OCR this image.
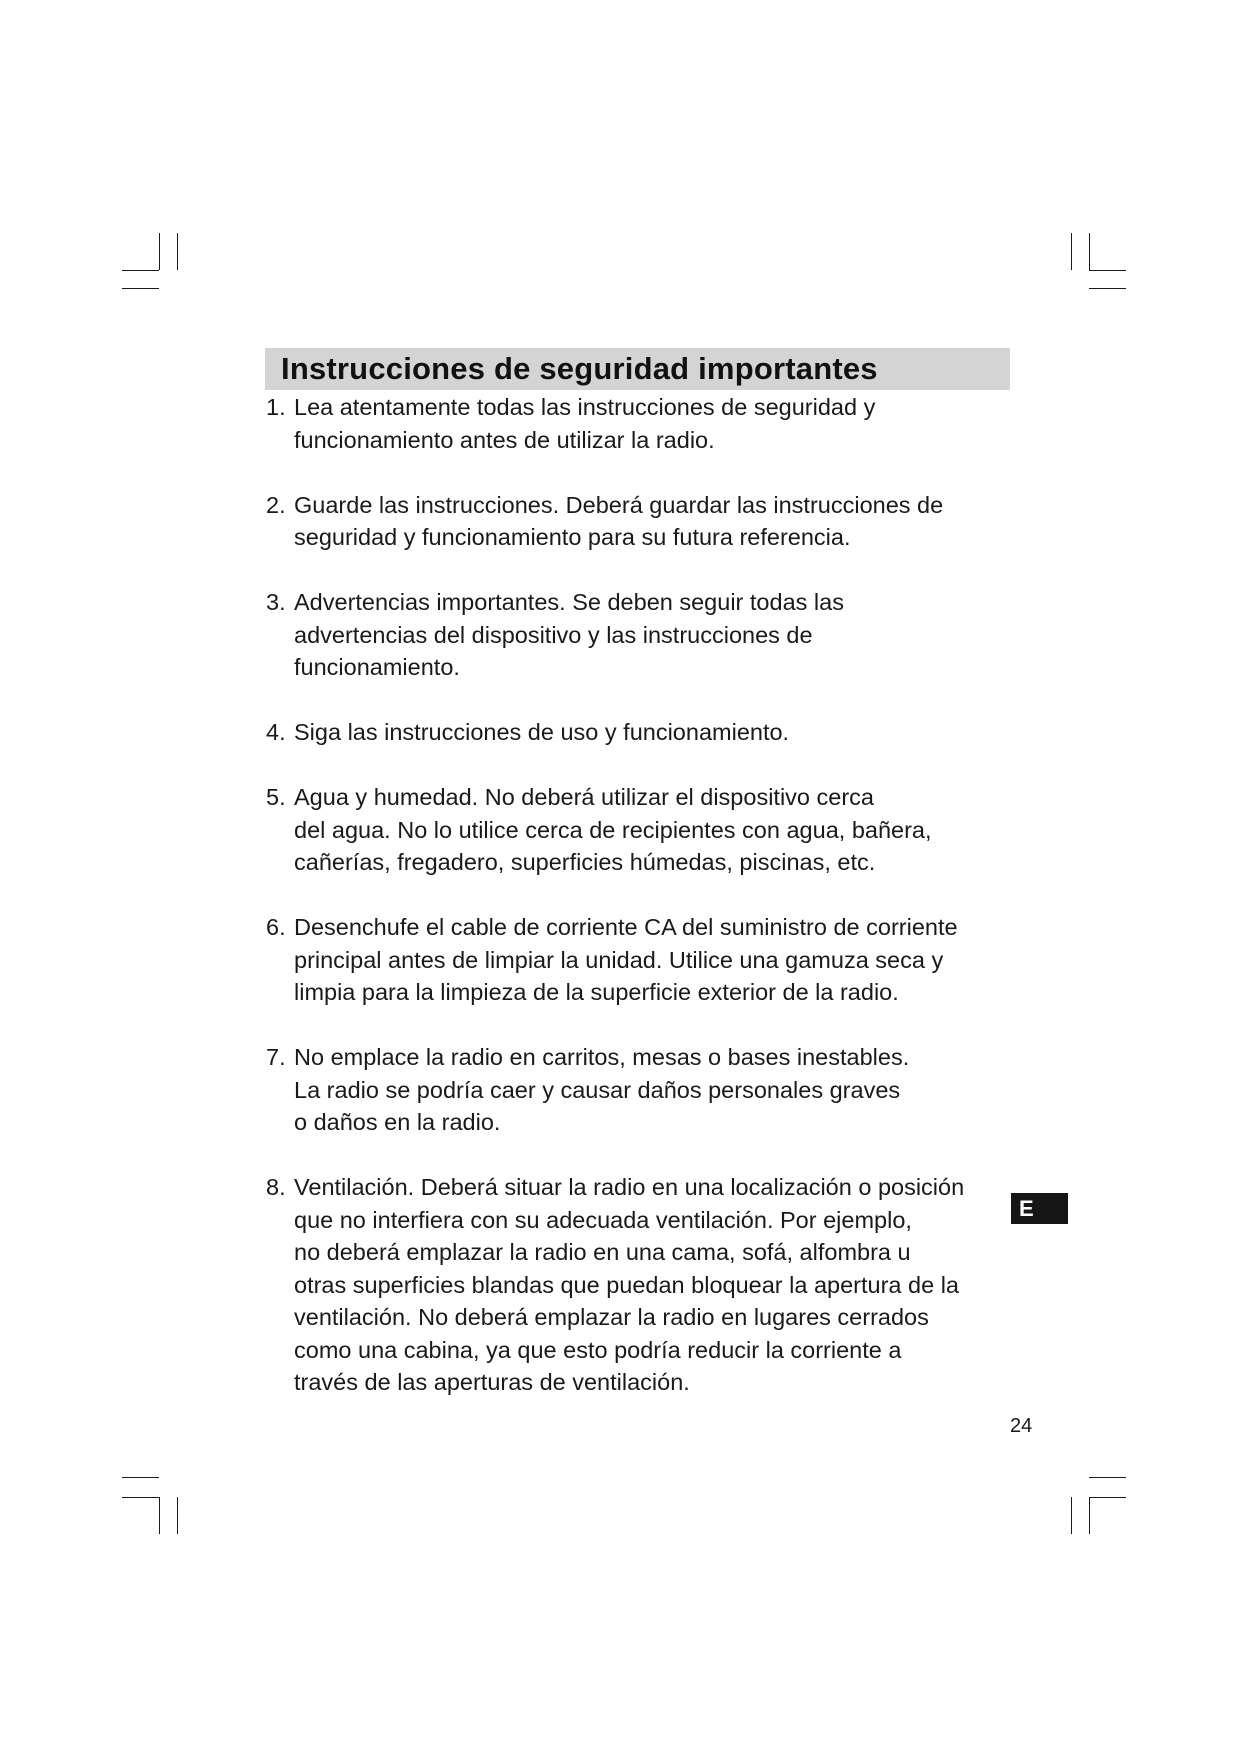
Instrucciones de seguridad importantes
1. Lea atentamente todas las instrucciones de seguridad y
funcionamiento antes de utilizar la radio.
2. Guarde las instrucciones. Deberá guardar las instrucciones de
seguridad y funcionamiento para su futura referencia.
3. Advertencias importantes. Se deben seguir todas las
advertencias del dispositivo y las instrucciones de
funcionamiento.
4. Siga las instrucciones de uso y funcionamiento.
5. Agua y humedad. No deberá utilizar el dispositivo cerca
del agua. No lo utilice cerca de recipientes con agua, bañera,
cañerías, fregadero, superficies húmedas, piscinas, etc.
6. Desenchufe el cable de corriente CA del suministro de corriente
principal antes de limpiar la unidad. Utilice una gamuza seca y
limpia para la limpieza de la superficie exterior de la radio.
7. No emplace la radio en carritos, mesas o bases inestables.
La radio se podría caer y causar daños personales graves
o daños en la radio.
8. Ventilación. Deberá situar la radio en una localización o posición
que no interfiera con su adecuada ventilación. Por ejemplo,
no deberá emplazar la radio en una cama, sofá, alfombra u
otras superficies blandas que puedan bloquear la apertura de la
ventilación. No deberá emplazar la radio en lugares cerrados
como una cabina, ya que esto podría reducir la corriente a
través de las aperturas de ventilación.
E
24
